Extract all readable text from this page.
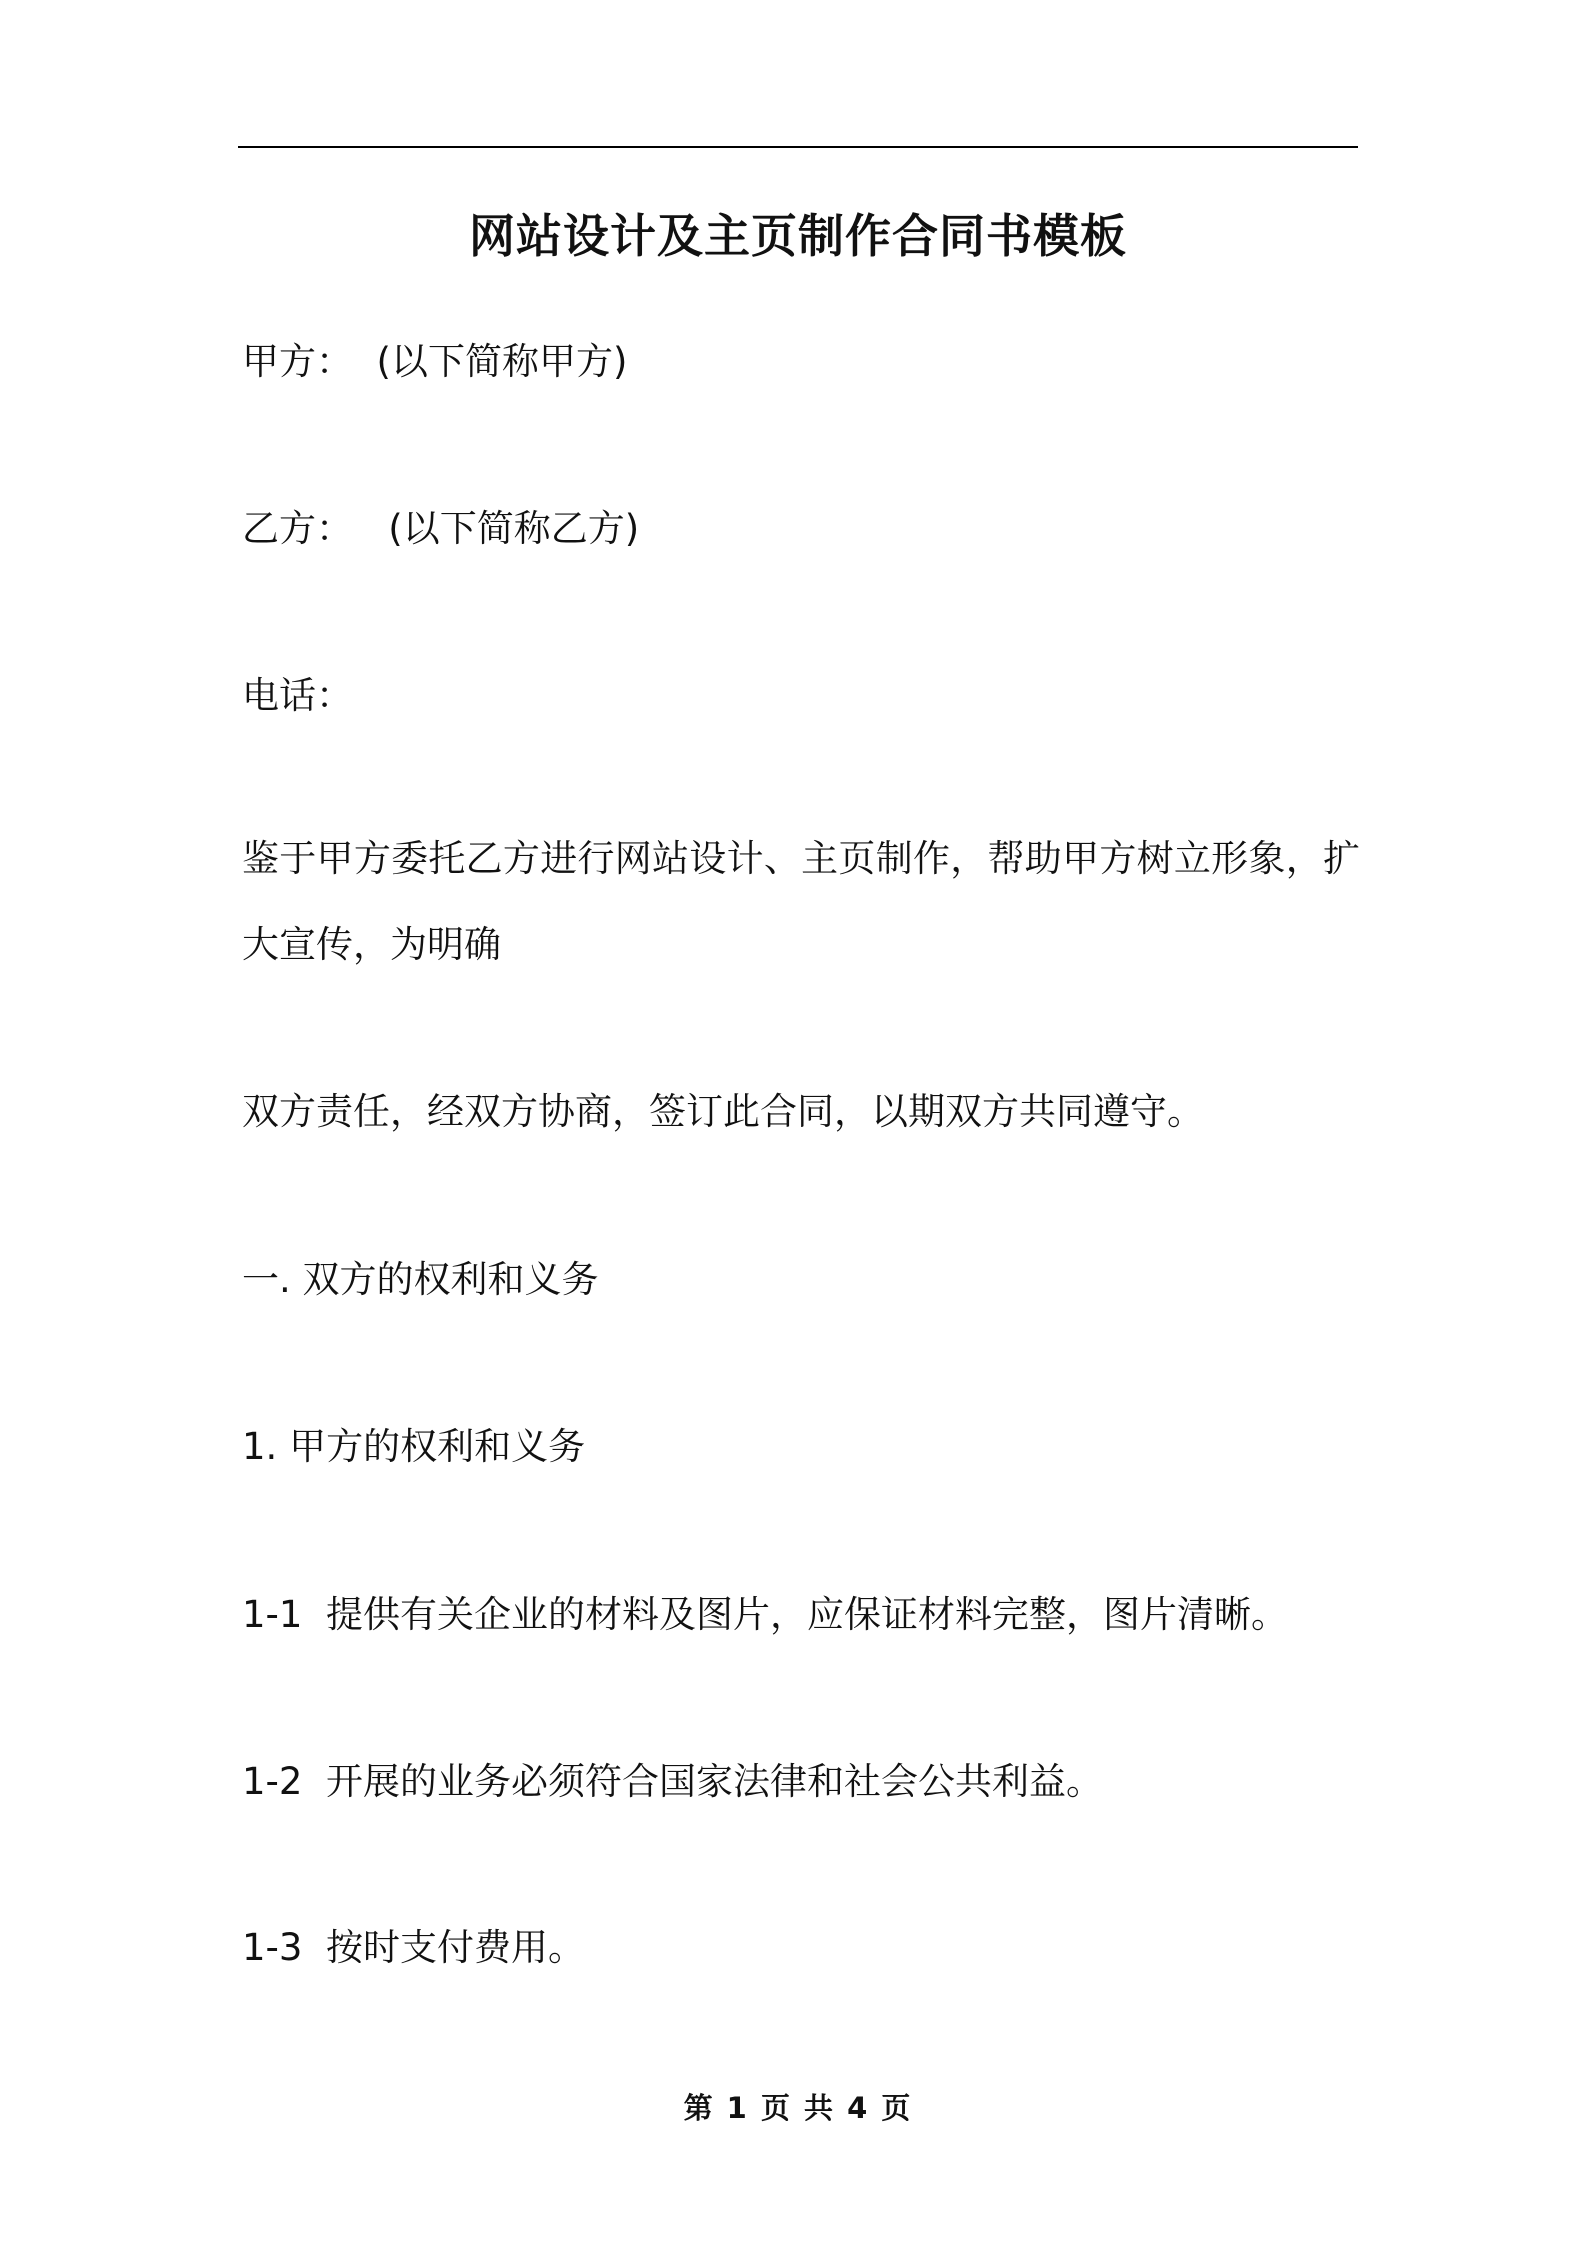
网站设计及主页制作合同书模板
甲方：  (以下简称甲方)
乙方：   (以下简称乙方)
电话：
鉴于甲方委托乙方进行网站设计、主页制作，帮助甲方树立形象，扩大宣传，为明确
双方责任，经双方协商，签订此合同，以期双方共同遵守。
一. 双方的权利和义务
1. 甲方的权利和义务
1-1  提供有关企业的材料及图片，应保证材料完整，图片清晰。
1-2  开展的业务必须符合国家法律和社会公共利益。
1-3  按时支付费用。
第 1 页 共 4 页
